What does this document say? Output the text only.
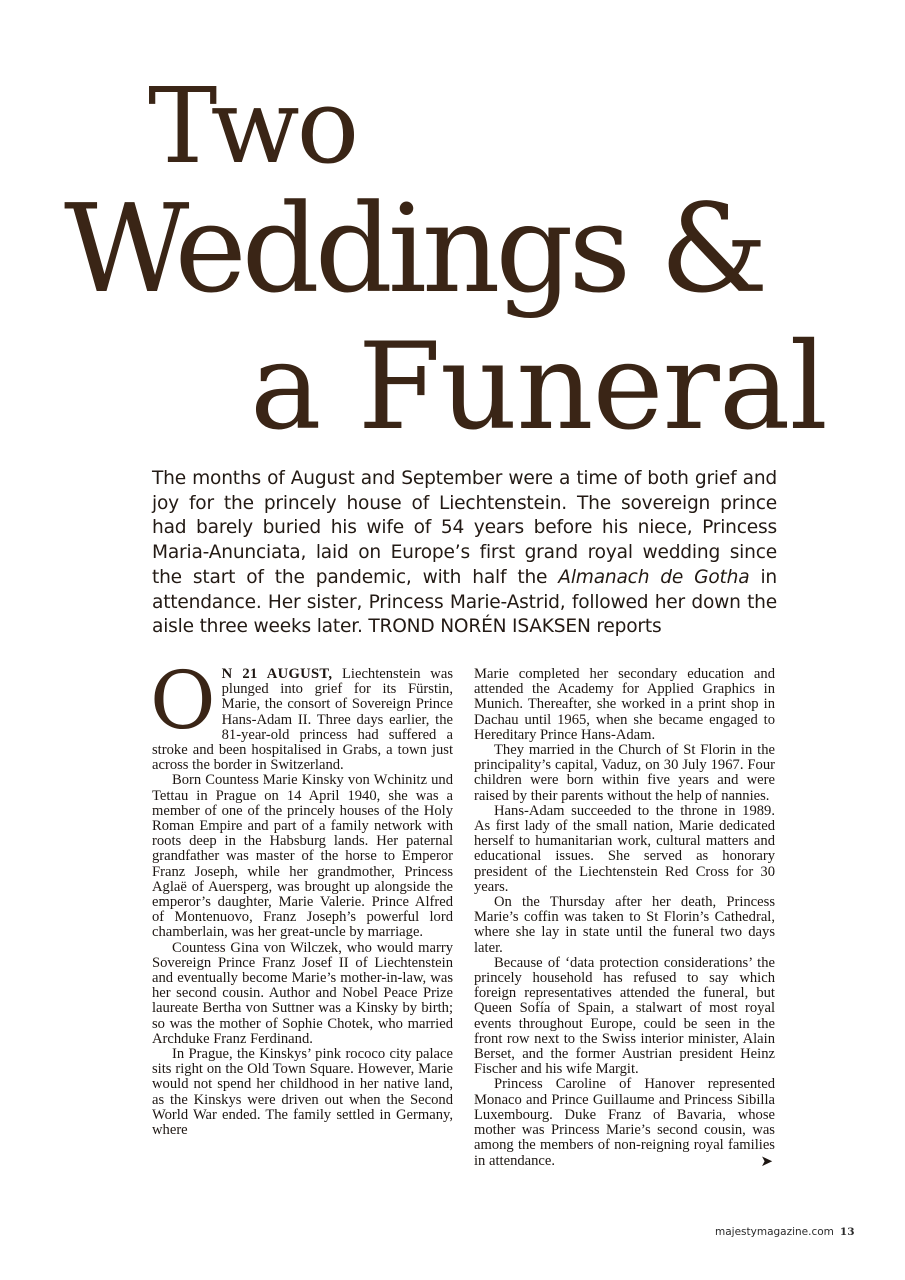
Two
Weddings &
a Funeral

The months of August and September were a time of both grief and joy for the princely house of Liechtenstein. The sovereign prince had barely buried his wife of 54 years before his niece, Princess Maria-Anunciata, laid on Europe’s first grand royal wedding since the start of the pandemic, with half the Almanach de Gotha in attendance. Her sister, Princess Marie-Astrid, followed her down the aisle three weeks later. TROND NORÉN ISAKSEN reports

O N 21 AUGUST, Liechtenstein was plunged into grief for its Fürstin, Marie, the consort of Sovereign Prince Hans-Adam II. Three days earlier, the 81-year-old princess had suffered a stroke and been hospitalised in Grabs, a town just across the border in Switzerland.

Born Countess Marie Kinsky von Wchinitz und Tettau in Prague on 14 April 1940, she was a member of one of the princely houses of the Holy Roman Empire and part of a family network with roots deep in the Habsburg lands. Her paternal grandfather was master of the horse to Emperor Franz Joseph, while her grandmother, Princess Aglaë of Auersperg, was brought up alongside the emperor’s daughter, Marie Valerie. Prince Alfred of Montenuovo, Franz Joseph’s powerful lord chamberlain, was her great-uncle by marriage.

Countess Gina von Wilczek, who would marry Sovereign Prince Franz Josef II of Liechtenstein and eventually become Marie’s mother-in-law, was her second cousin. Author and Nobel Peace Prize laureate Bertha von Suttner was a Kinsky by birth; so was the mother of Sophie Chotek, who married Archduke Franz Ferdinand.

In Prague, the Kinskys’ pink rococo city palace sits right on the Old Town Square. However, Marie would not spend her childhood in her native land, as the Kinskys were driven out when the Second World War ended. The family settled in Germany, where

Marie completed her secondary education and attended the Academy for Applied Graphics in Munich. Thereafter, she worked in a print shop in Dachau until 1965, when she became engaged to Hereditary Prince Hans-Adam.

They married in the Church of St Florin in the principality’s capital, Vaduz, on 30 July 1967. Four children were born within five years and were raised by their parents without the help of nannies.

Hans-Adam succeeded to the throne in 1989. As first lady of the small nation, Marie dedicated herself to humanitarian work, cultural matters and educational issues. She served as honorary president of the Liechtenstein Red Cross for 30 years.

On the Thursday after her death, Princess Marie’s coffin was taken to St Florin’s Cathedral, where she lay in state until the funeral two days later.

Because of ‘data protection considerations’ the princely household has refused to say which foreign representatives attended the funeral, but Queen Sofía of Spain, a stalwart of most royal events throughout Europe, could be seen in the front row next to the Swiss interior minister, Alain Berset, and the former Austrian president Heinz Fischer and his wife Margit.

Princess Caroline of Hanover represented Monaco and Prince Guillaume and Princess Sibilla Luxembourg. Duke Franz of Bavaria, whose mother was Princess Marie’s second cousin, was among the members of non-reigning royal families in attendance.	➤

majestymagazine.com 13
